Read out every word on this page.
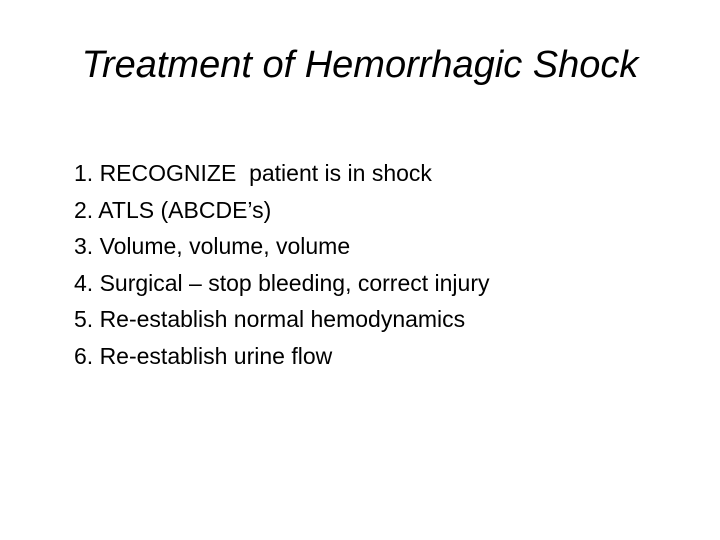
Treatment of Hemorrhagic Shock
1. RECOGNIZE  patient is in shock
2. ATLS (ABCDE’s)
3. Volume, volume, volume
4. Surgical – stop bleeding, correct injury
5. Re-establish normal hemodynamics
6. Re-establish urine flow
